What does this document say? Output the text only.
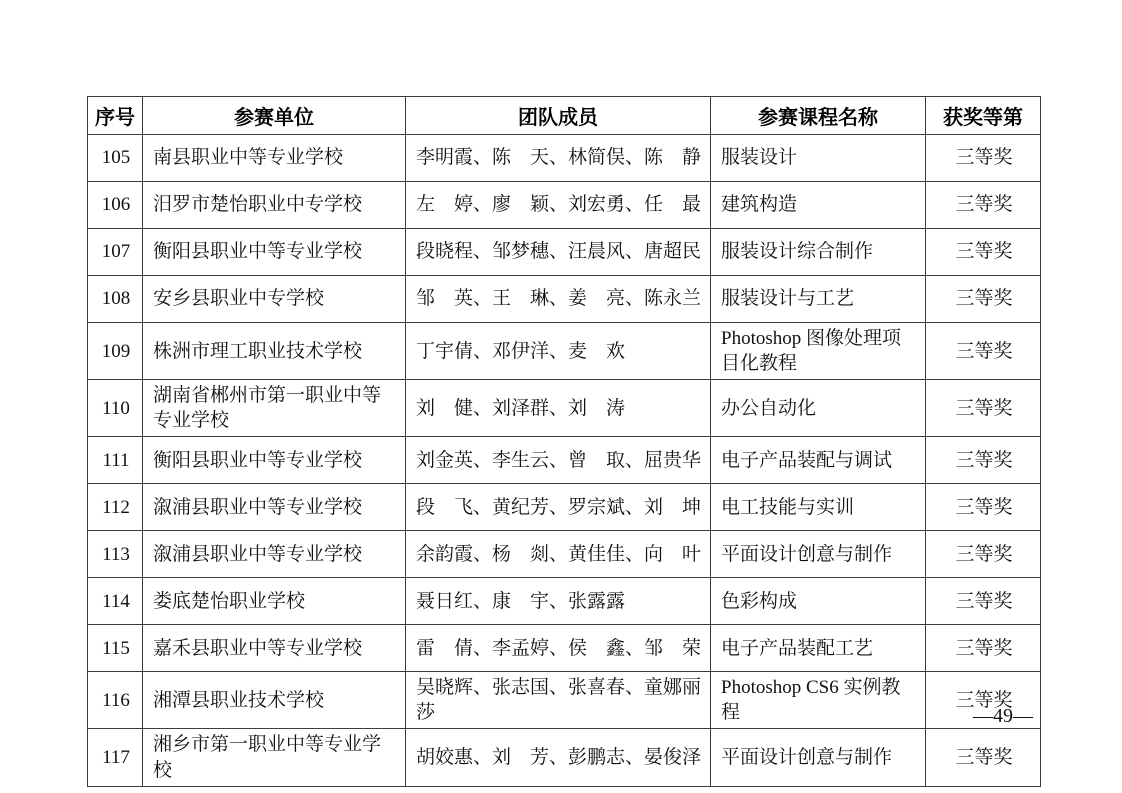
序号	参赛单位	团队成员	参赛课程名称	获奖等第
105	南县职业中等专业学校	李明霞、陈　天、林简俣、陈　静	服装设计	三等奖
106	汨罗市楚怡职业中专学校	左　婷、廖　颖、刘宏勇、任　最	建筑构造	三等奖
107	衡阳县职业中等专业学校	段晓程、邹梦穗、汪晨风、唐超民	服装设计综合制作	三等奖
108	安乡县职业中专学校	邹　英、王　琳、姜　亮、陈永兰	服装设计与工艺	三等奖
109	株洲市理工职业技术学校	丁宇倩、邓伊洋、麦　欢	Photoshop 图像处理项目化教程	三等奖
110	湖南省郴州市第一职业中等专业学校	刘　健、刘泽群、刘　涛	办公自动化	三等奖
111	衡阳县职业中等专业学校	刘金英、李生云、曾　取、屈贵华	电子产品装配与调试	三等奖
112	溆浦县职业中等专业学校	段　飞、黄纪芳、罗宗斌、刘　坤	电工技能与实训	三等奖
113	溆浦县职业中等专业学校	余韵霞、杨　剡、黄佳佳、向　叶	平面设计创意与制作	三等奖
114	娄底楚怡职业学校	聂日红、康　宇、张露露	色彩构成	三等奖
115	嘉禾县职业中等专业学校	雷　倩、李孟婷、侯　鑫、邹　荣	电子产品装配工艺	三等奖
116	湘潭县职业技术学校	吴晓辉、张志国、张喜春、童娜丽莎	Photoshop CS6 实例教程	三等奖
117	湘乡市第一职业中等专业学校	胡姣惠、刘　芳、彭鹏志、晏俊泽	平面设计创意与制作	三等奖
—49—
